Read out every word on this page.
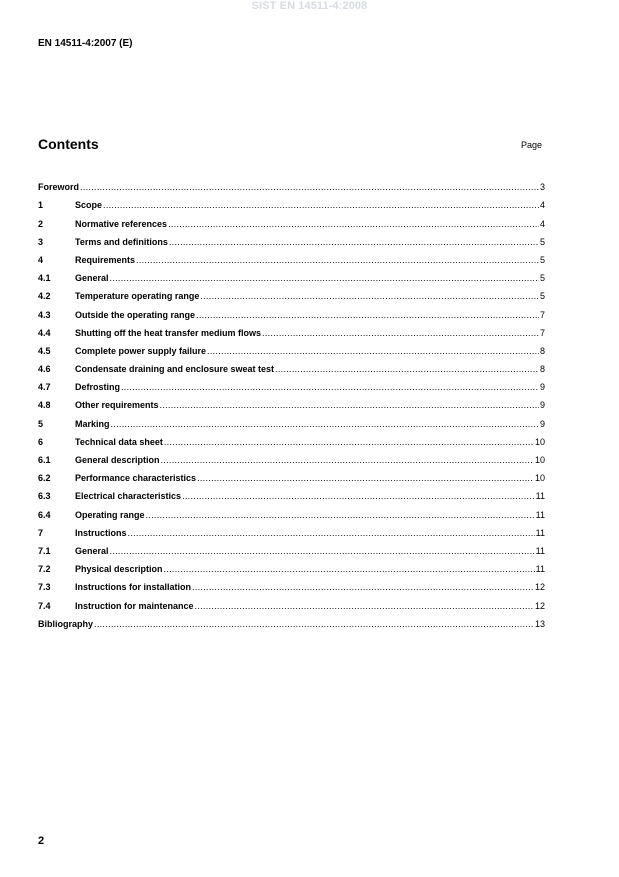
SIST EN 14511-4:2008
EN 14511-4:2007 (E)
Contents	Page
Foreword .....	3
1	Scope .....	4
2	Normative references .....	4
3	Terms and definitions .....	5
4	Requirements .....	5
4.1	General .....	5
4.2	Temperature operating range .....	5
4.3	Outside the operating range .....	7
4.4	Shutting off the heat transfer medium flows .....	7
4.5	Complete power supply failure .....	8
4.6	Condensate draining and enclosure sweat test .....	8
4.7	Defrosting .....	9
4.8	Other requirements .....	9
5	Marking .....	9
6	Technical data sheet .....	10
6.1	General description .....	10
6.2	Performance characteristics .....	10
6.3	Electrical characteristics .....	11
6.4	Operating range .....	11
7	Instructions .....	11
7.1	General .....	11
7.2	Physical description .....	11
7.3	Instructions for installation .....	12
7.4	Instruction for maintenance .....	12
Bibliography .....	13
2
